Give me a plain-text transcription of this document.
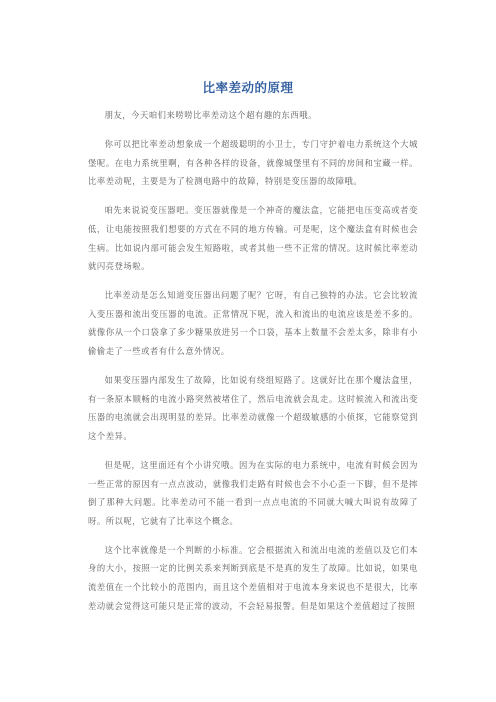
比率差动的原理

朋友，今天咱们来唠唠比率差动这个超有趣的东西哦。

你可以把比率差动想象成一个超级聪明的小卫士，专门守护着电力系统这个大城堡呢。在电力系统里啊，有各种各样的设备，就像城堡里有不同的房间和宝藏一样。比率差动呢，主要是为了检测电路中的故障，特别是变压器的故障哦。

咱先来说说变压器吧。变压器就像是一个神奇的魔法盒，它能把电压变高或者变低，让电能按照我们想要的方式在不同的地方传输。可是呢，这个魔法盒有时候也会生病。比如说内部可能会发生短路啦，或者其他一些不正常的情况。这时候比率差动就闪亮登场啦。

比率差动是怎么知道变压器出问题了呢？它呀，有自己独特的办法。它会比较流入变压器和流出变压器的电流。正常情况下呢，流入和流出的电流应该是差不多的。就像你从一个口袋拿了多少糖果放进另一个口袋，基本上数量不会差太多，除非有小偷偷走了一些或者有什么意外情况。

如果变压器内部发生了故障，比如说有绕组短路了。这就好比在那个魔法盒里，有一条原本顺畅的电流小路突然被堵住了，然后电流就会乱走。这时候流入和流出变压器的电流就会出现明显的差异。比率差动就像一个超级敏感的小侦探，它能察觉到这个差异。

但是呢，这里面还有个小讲究哦。因为在实际的电力系统中，电流有时候会因为一些正常的原因有一点点波动，就像我们走路有时候也会不小心歪一下脚，但不是摔倒了那种大问题。比率差动可不能一看到一点点电流的不同就大喊大叫说有故障了呀。所以呢，它就有了比率这个概念。

这个比率就像是一个判断的小标准。它会根据流入和流出电流的差值以及它们本身的大小，按照一定的比例关系来判断到底是不是真的发生了故障。比如说，如果电流差值在一个比较小的范围内，而且这个差值相对于电流本身来说也不是很大，比率差动就会觉得这可能只是正常的波动，不会轻易报警。但是如果这个差值超过了按照
